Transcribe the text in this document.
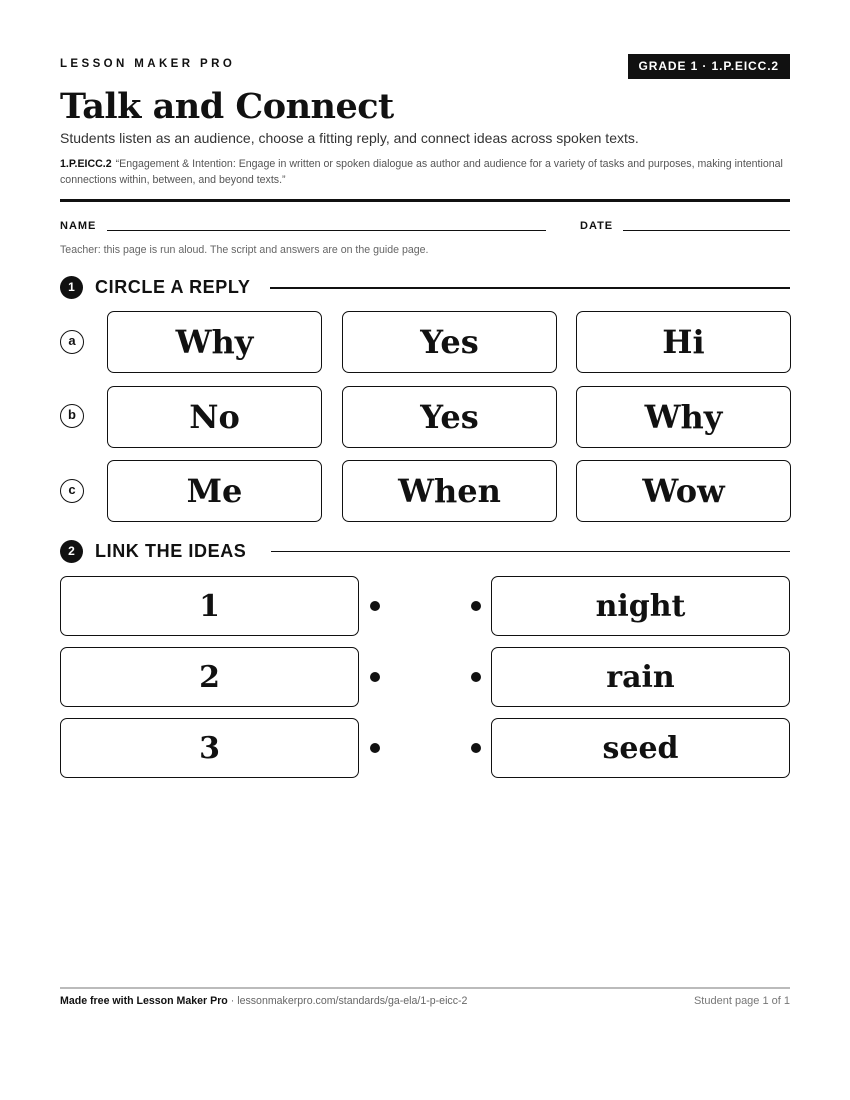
LESSON MAKER PRO	GRADE 1 · 1.P.EICC.2
Talk and Connect
Students listen as an audience, choose a fitting reply, and connect ideas across spoken texts.
1.P.EICC.2 “Engagement & Intention: Engage in written or spoken dialogue as author and audience for a variety of tasks and purposes, making intentional connections within, between, and beyond texts.”
NAME	DATE
Teacher: this page is run aloud. The script and answers are on the guide page.
1	CIRCLE A REPLY
a	Why	Yes	Hi
b	No	Yes	Why
c	Me	When	Wow
2	LINK THE IDEAS
1	night
2	rain
3	seed
Made free with Lesson Maker Pro · lessonmakerpro.com/standards/ga-ela/1-p-eicc-2	Student page 1 of 1
